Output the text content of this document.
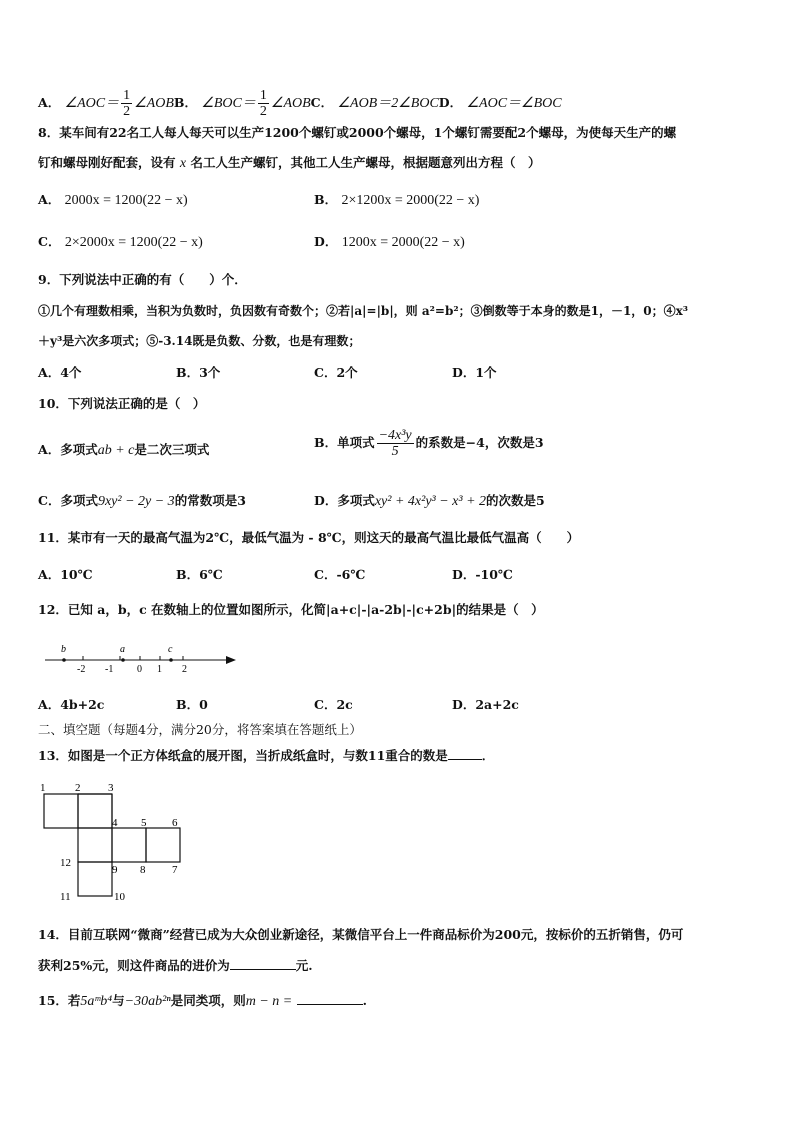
A． ∠AOC＝ $\frac{1}{2}$ ∠AOBB． ∠BOC＝ $\frac{1}{2}$ ∠AOBC． ∠AOB＝2∠BOCD． ∠AOC＝∠BOC
8．某车间有22名工人每人每天可以生产1200个螺钉或2000个螺母，1个螺钉需要配2个螺母，为使每天生产的螺
钉和螺母刚好配套，设有 x 名工人生产螺钉，其他工人生产螺母，根据题意列出方程（　）
A． 2000x = 1200(22 − x)	B． 2×1200x = 2000(22 − x)
C． 2×2000x = 1200(22 − x)	D． 1200x = 2000(22 − x)
9．下列说法中正确的有（　　）个．
①几个有理数相乘，当积为负数时，负因数有奇数个；②若|a|=|b|，则 a²=b²；③倒数等于本身的数是1，－1，0；④x³
＋y³是六次多项式；⑤-3.14既是负数、分数，也是有理数；
A．4个	B．3个	C．2个	D．1个
10．下列说法正确的是（　）
A．多项式ab + c是二次三项式	B．单项式 $\frac{\text{−4x³y}}{5}$ 的系数是−4，次数是3
C．多项式9xy² − 2y − 3的常数项是3	D．多项式xy² + 4x²y³ − x³ + 2的次数是5
11．某市有一天的最高气温为2℃，最低气温为 - 8℃，则这天的最高气温比最低气温高（　　）
A．10℃	B．6℃	C．-6℃	D．-10℃
12．已知 a，b，c 在数轴上的位置如图所示，化简|a+c|-|a-2b|-|c+2b|的结果是（　）
b	a	c
-2 -1 0 1 2
A．4b+2c	B．0	C．2c	D．2a+2c
二、填空题（每题4分，满分20分，将答案填在答题纸上）
13．如图是一个正方体纸盒的展开图，当折成纸盒时，与数11重合的数是	．
1	2	3
4 5 6
12
9 8 7
11	10
14．目前互联网“微商”经营已成为大众创业新途径，某微信平台上一件商品标价为200元，按标价的五折销售，仍可
获利25%元，则这件商品的进价为	元.
15．若5aᵐb⁴与−30ab²ⁿ是同类项，则m − n =	.
